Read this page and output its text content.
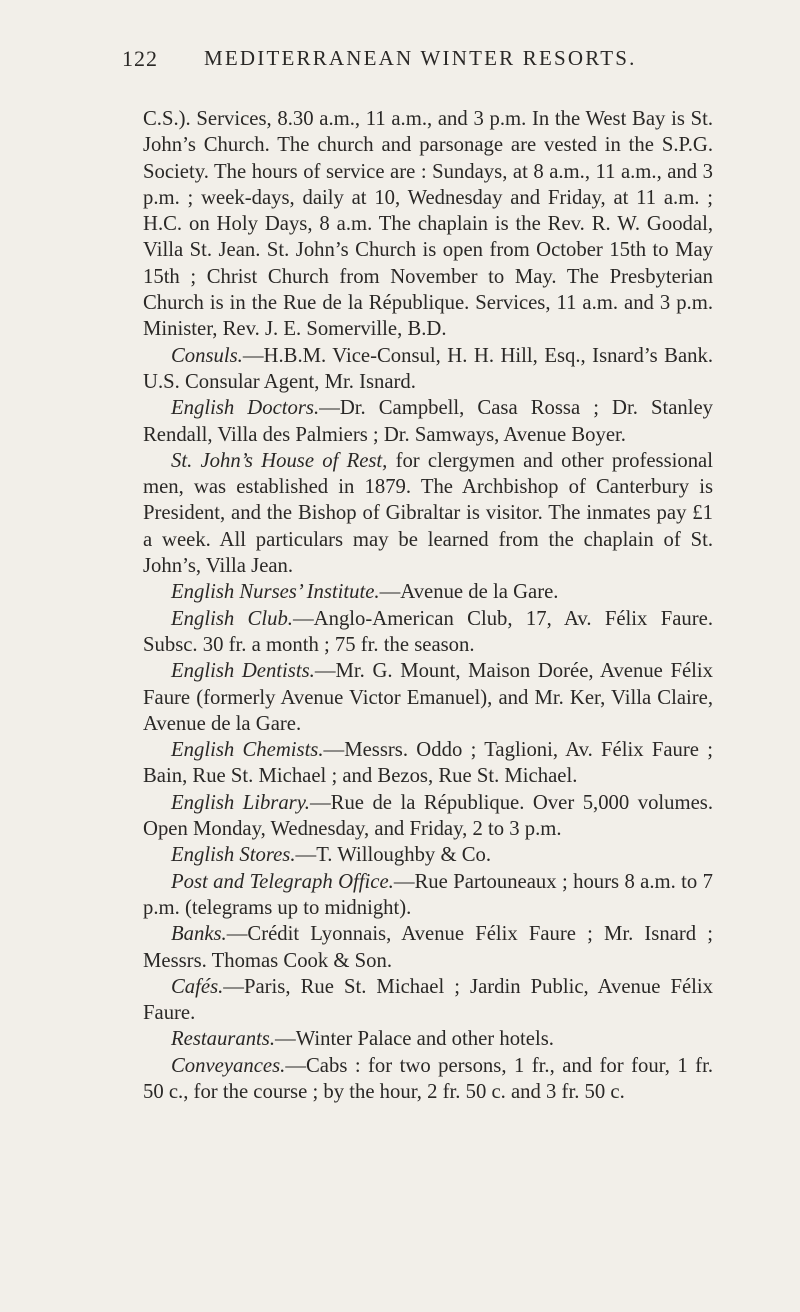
122 MEDITERRANEAN WINTER RESORTS.

C.S.). Services, 8.30 a.m., 11 a.m., and 3 p.m. In the West Bay is St. John’s Church. The church and parsonage are vested in the S.P.G. Society. The hours of service are : Sundays, at 8 a.m., 11 a.m., and 3 p.m. ; week-days, daily at 10, Wednesday and Friday, at 11 a.m. ; H.C. on Holy Days, 8 a.m. The chaplain is the Rev. R. W. Goodal, Villa St. Jean. St. John’s Church is open from October 15th to May 15th ; Christ Church from November to May. The Presbyterian Church is in the Rue de la République. Services, 11 a.m. and 3 p.m. Minister, Rev. J. E. Somerville, B.D.

Consuls.—H.B.M. Vice-Consul, H. H. Hill, Esq., Isnard’s Bank. U.S. Consular Agent, Mr. Isnard.

English Doctors.—Dr. Campbell, Casa Rossa ; Dr. Stanley Rendall, Villa des Palmiers ; Dr. Samways, Avenue Boyer.

St. John’s House of Rest, for clergymen and other professional men, was established in 1879. The Archbishop of Canterbury is President, and the Bishop of Gibraltar is visitor. The inmates pay £1 a week. All particulars may be learned from the chaplain of St. John’s, Villa Jean.

English Nurses’ Institute.—Avenue de la Gare.

English Club.—Anglo-American Club, 17, Av. Félix Faure. Subsc. 30 fr. a month ; 75 fr. the season.

English Dentists.—Mr. G. Mount, Maison Dorée, Avenue Félix Faure (formerly Avenue Victor Emanuel), and Mr. Ker, Villa Claire, Avenue de la Gare.

English Chemists.—Messrs. Oddo ; Taglioni, Av. Félix Faure ; Bain, Rue St. Michael ; and Bezos, Rue St. Michael.

English Library.—Rue de la République. Over 5,000 volumes. Open Monday, Wednesday, and Friday, 2 to 3 p.m.

English Stores.—T. Willoughby & Co.

Post and Telegraph Office.—Rue Partouneaux ; hours 8 a.m. to 7 p.m. (telegrams up to midnight).

Banks.—Crédit Lyonnais, Avenue Félix Faure ; Mr. Isnard ; Messrs. Thomas Cook & Son.

Cafés.—Paris, Rue St. Michael ; Jardin Public, Avenue Félix Faure.

Restaurants.—Winter Palace and other hotels.

Conveyances.—Cabs : for two persons, 1 fr., and for four, 1 fr. 50 c., for the course ; by the hour, 2 fr. 50 c. and 3 fr. 50 c.
